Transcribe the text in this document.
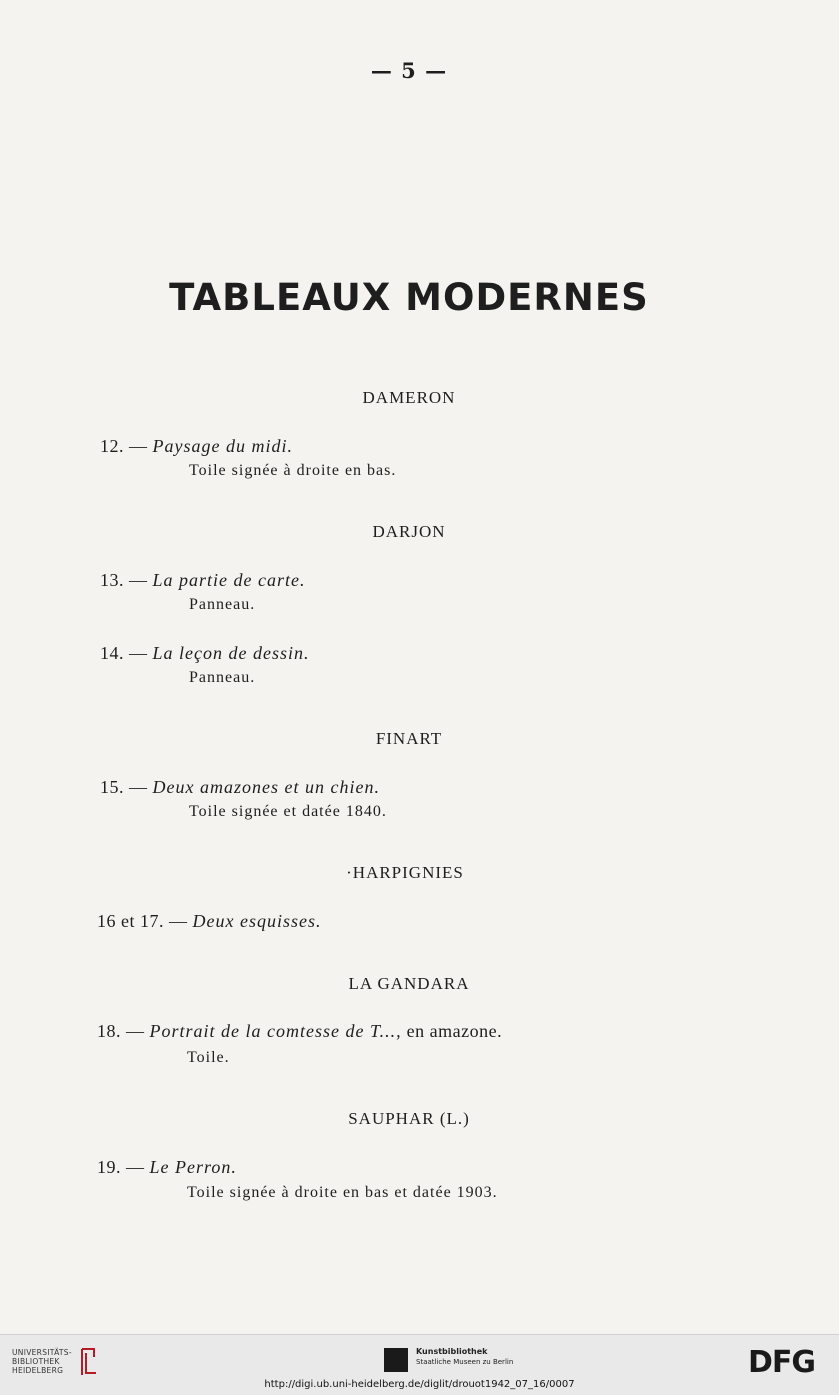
— 5 —
TABLEAUX MODERNES
DAMERON
12. — Paysage du midi.
Toile signée à droite en bas.
DARJON
13. — La partie de carte.
Panneau.
14. — La leçon de dessin.
Panneau.
FINART
15. — Deux amazones et un chien.
Toile signée et datée 1840.
·HARPIGNIES
16 et 17. — Deux esquisses.
LA GANDARA
18. — Portrait de la comtesse de T..., en amazone.
Toile.
SAUPHAR (L.)
19. — Le Perron.
Toile signée à droite en bas et datée 1903.
UNIVERSITÄTS-
BIBLIOTHEK
HEIDELBERG
Kunstbibliothek
Staatliche Museen zu Berlin	DFG
http://digi.ub.uni-heidelberg.de/diglit/drouot1942_07_16/0007
